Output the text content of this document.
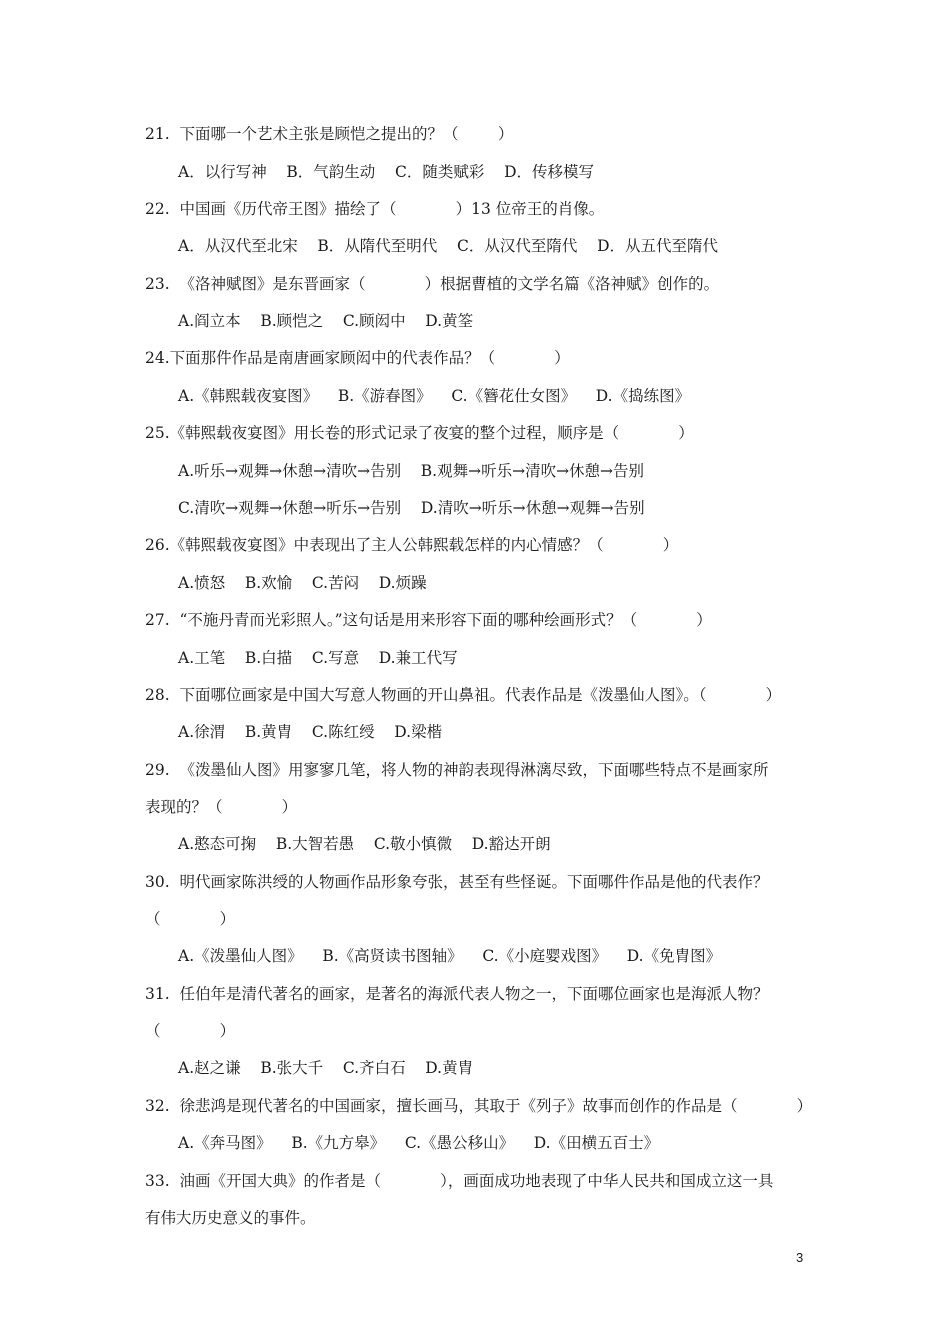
21.  下面哪一个艺术主张是顾恺之提出的？（        ）
A．以行写神    B．气韵生动    C．随类赋彩    D．传移模写
22.  中国画《历代帝王图》描绘了（            ）13 位帝王的肖像。
A．从汉代至北宋    B．从隋代至明代    C．从汉代至隋代    D．从五代至隋代
23.  《洛神赋图》是东晋画家（            ）根据曹植的文学名篇《洛神赋》创作的。
A.阎立本    B.顾恺之    C.顾闳中    D.黄筌
24.下面那件作品是南唐画家顾闳中的代表作品？（            ）
A.《韩熙载夜宴图》    B.《游春图》    C.《簪花仕女图》    D.《捣练图》
25.《韩熙载夜宴图》用长卷的形式记录了夜宴的整个过程，顺序是（            ）
A.听乐→观舞→休憩→清吹→告别    B.观舞→听乐→清吹→休憩→告别
C.清吹→观舞→休憩→听乐→告别    D.清吹→听乐→休憩→观舞→告别
26.《韩熙载夜宴图》中表现出了主人公韩熙载怎样的内心情感？（            ）
A.愤怒    B.欢愉    C.苦闷    D.烦躁
27.  “不施丹青而光彩照人。”这句话是用来形容下面的哪种绘画形式？（            ）
A.工笔    B.白描    C.写意    D.兼工代写
28.  下面哪位画家是中国大写意人物画的开山鼻祖。代表作品是《泼墨仙人图》。（            ）
A.徐渭    B.黄胄    C.陈红绶    D.梁楷
29.  《泼墨仙人图》用寥寥几笔，将人物的神韵表现得淋漓尽致，下面哪些特点不是画家所
表现的？（            ）
A.憨态可掬    B.大智若愚    C.敬小慎微    D.豁达开朗
30.  明代画家陈洪绶的人物画作品形象夸张，甚至有些怪诞。下面哪件作品是他的代表作？
（            ）
A.《泼墨仙人图》    B.《高贤读书图轴》    C.《小庭婴戏图》    D.《免胄图》
31.  任伯年是清代著名的画家，是著名的海派代表人物之一，下面哪位画家也是海派人物？
（            ）
A.赵之谦    B.张大千    C.齐白石    D.黄胄
32.  徐悲鸿是现代著名的中国画家，擅长画马，其取于《列子》故事而创作的作品是（            ）
A.《奔马图》    B.《九方皋》    C.《愚公移山》    D.《田横五百士》
33.  油画《开国大典》的作者是（            ），画面成功地表现了中华人民共和国成立这一具
有伟大历史意义的事件。
3
